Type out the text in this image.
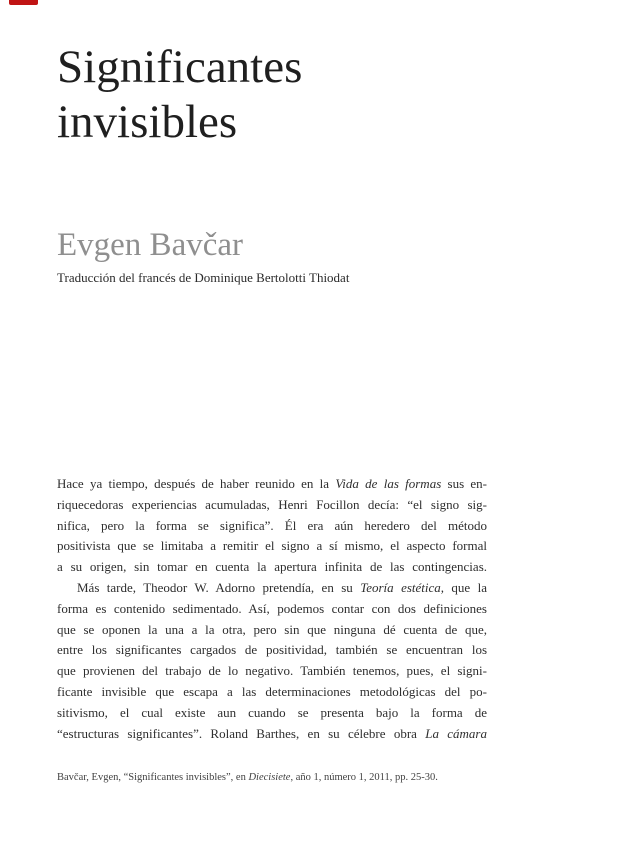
Significantes
invisibles
Evgen Bavčar
Traducción del francés de Dominique Bertolotti Thiodat
Hace ya tiempo, después de haber reunido en la Vida de las formas sus en-
riquecedoras experiencias acumuladas, Henri Focillon decía: “el signo sig-
nifica, pero la forma se significa”. Él era aún heredero del método
positivista que se limitaba a remitir el signo a sí mismo, el aspecto formal
a su origen, sin tomar en cuenta la apertura infinita de las contingencias.
Más tarde, Theodor W. Adorno pretendía, en su Teoría estética, que la
forma es contenido sedimentado. Así, podemos contar con dos definiciones
que se oponen la una a la otra, pero sin que ninguna dé cuenta de que,
entre los significantes cargados de positividad, también se encuentran los
que provienen del trabajo de lo negativo. También tenemos, pues, el signi-
ficante invisible que escapa a las determinaciones metodológicas del po-
sitivismo, el cual existe aun cuando se presenta bajo la forma de
“estructuras significantes”. Roland Barthes, en su célebre obra La cámara
Bavčar, Evgen, “Significantes invisibles”, en Diecisiete, año 1, número 1, 2011, pp. 25-30.
